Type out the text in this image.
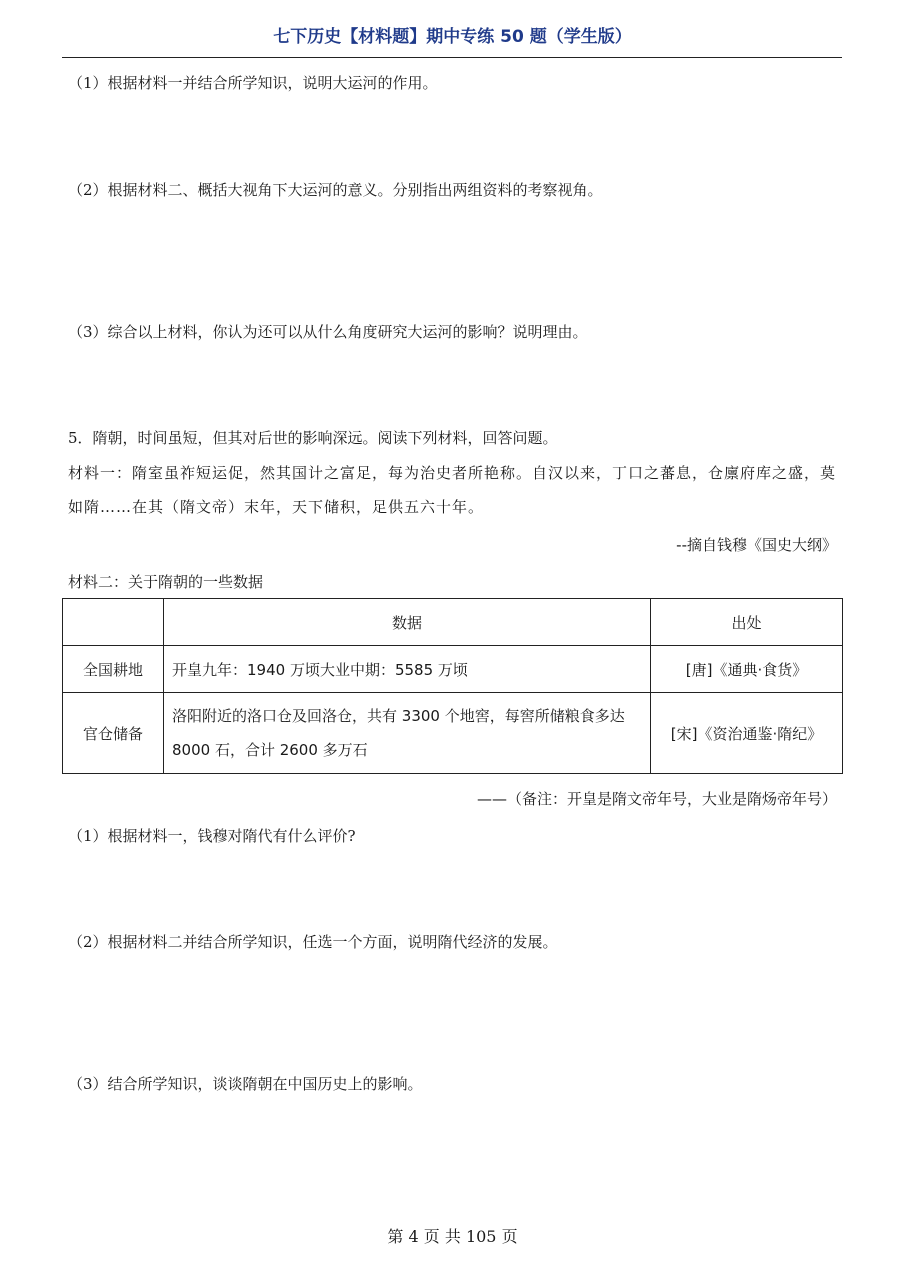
七下历史【材料题】期中专练 50 题（学生版）
（1）根据材料一并结合所学知识，说明大运河的作用。
（2）根据材料二、概括大视角下大运河的意义。分别指出两组资料的考察视角。
（3）综合以上材料，你认为还可以从什么角度研究大运河的影响？说明理由。
5．隋朝，时间虽短，但其对后世的影响深远。阅读下列材料，回答问题。
材料一：隋室虽祚短运促，然其国计之富足，每为治史者所艳称。自汉以来，丁口之蕃息，仓廪府库之盛，莫如隋……在其（隋文帝）末年，天下储积，足供五六十年。
--摘自钱穆《国史大纲》
材料二：关于隋朝的一些数据
	数据	出处
全国耕地	开皇九年：1940 万顷大业中期：5585 万顷	[唐]《通典·食货》
官仓储备	洛阳附近的洛口仓及回洛仓，共有 3300 个地窖，每窖所储粮食多达 8000 石，合计 2600 多万石	[宋]《资治通鉴·隋纪》
——（备注：开皇是隋文帝年号，大业是隋炀帝年号）
（1）根据材料一，钱穆对隋代有什么评价?
（2）根据材料二并结合所学知识，任选一个方面，说明隋代经济的发展。
（3）结合所学知识，谈谈隋朝在中国历史上的影响。
第 4 页 共 105 页
